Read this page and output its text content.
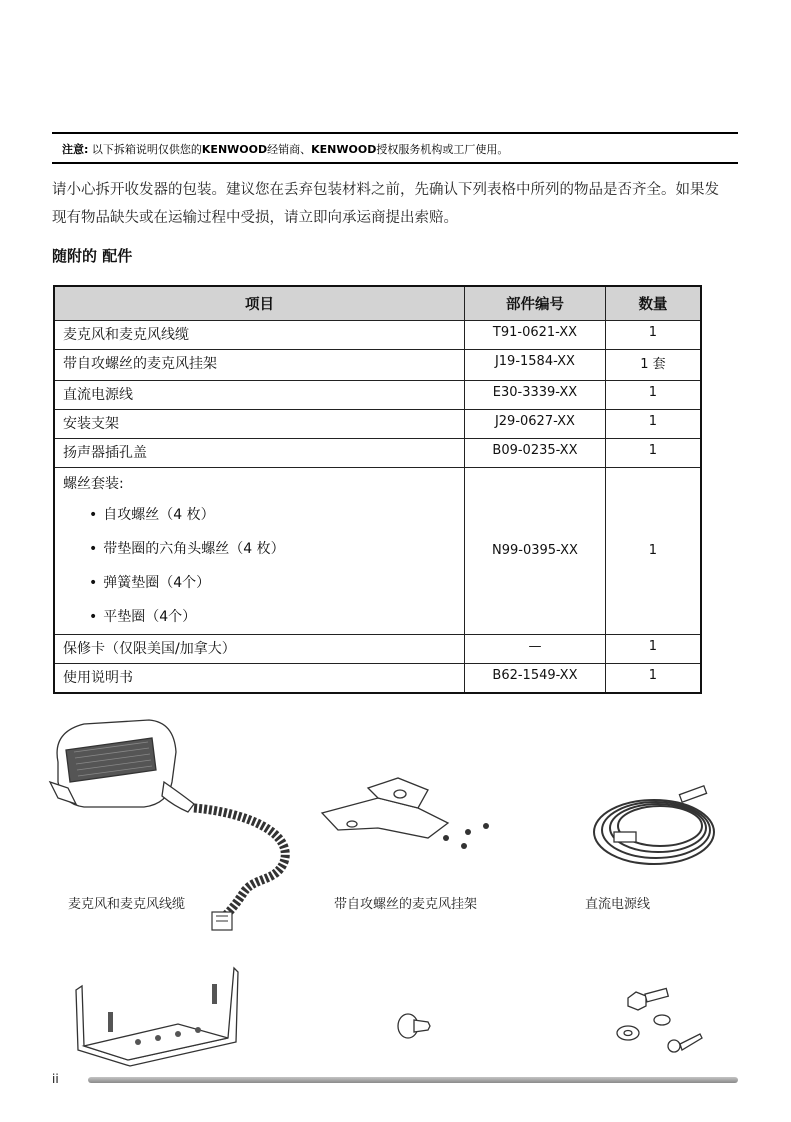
注意: 以下拆箱说明仅供您的KENWOOD经销商、KENWOOD授权服务机构或工厂使用。
请小心拆开收发器的包装。建议您在丢弃包装材料之前，先确认下列表格中所列的物品是否齐全。如果发现有物品缺失或在运输过程中受损，请立即向承运商提出索赔。
随附的 配件
项目	部件编号	数量
麦克风和麦克风线缆	T91-0621-XX	1
带自攻螺丝的麦克风挂架	J19-1584-XX	1 套
直流电源线	E30-3339-XX	1
安装支架	J29-0627-XX	1
扬声器插孔盖	B09-0235-XX	1

螺丝套装:
• 自攻螺丝（4 枚）
• 带垫圈的六角头螺丝（4 枚）
• 弹簧垫圈（4个）
• 平垫圈（4个）	N99-0395-XX	1
保修卡（仅限美国/加拿大）	—	1
使用说明书	B62-1549-XX	1
麦克风和麦克风线缆	带自攻螺丝的麦克风挂架	直流电源线
ii
